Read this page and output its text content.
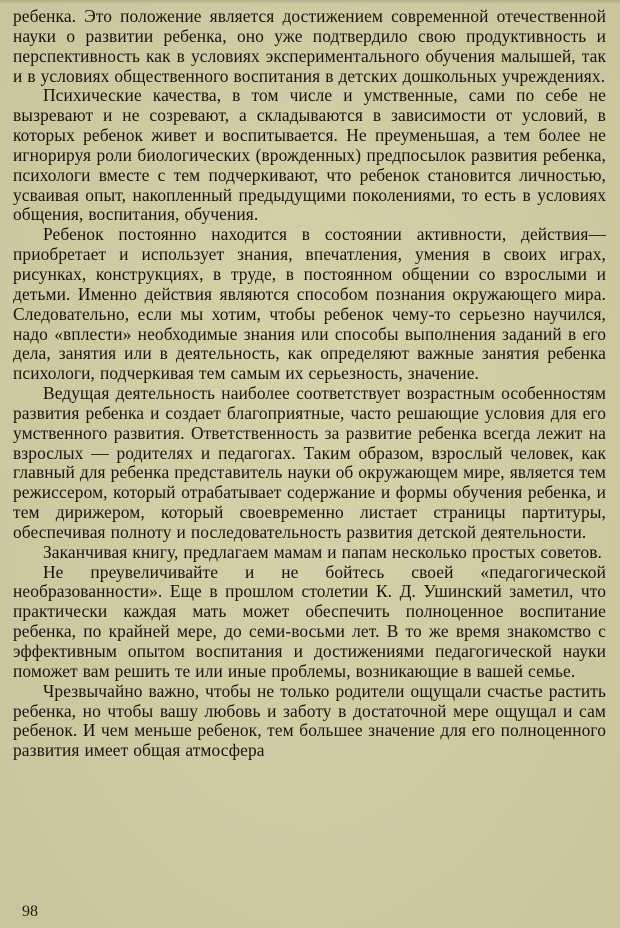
ребенка. Это положение является достижением современной отечественной науки о развитии ребенка, оно уже подтвердило свою продуктивность и перспективность как в условиях экспериментального обучения малышей, так и в условиях общественного воспитания в детских дошкольных учреждениях.

Психические качества, в том числе и умственные, сами по себе не вызревают и не созревают, а складываются в зависимости от условий, в которых ребенок живет и воспитывается. Не преуменьшая, а тем более не игнорируя роли биологических (врожденных) предпосылок развития ребенка, психологи вместе с тем подчеркивают, что ребенок становится личностью, усваивая опыт, накопленный предыдущими поколениями, то есть в условиях общения, воспитания, обучения.

Ребенок постоянно находится в состоянии активности, действия— приобретает и использует знания, впечатления, умения в своих играх, рисунках, конструкциях, в труде, в постоянном общении со взрослыми и детьми. Именно действия являются способом познания окружающего мира. Следовательно, если мы хотим, чтобы ребенок чему-то серьезно научился, надо «вплести» необходимые знания или способы выполнения заданий в его дела, занятия или в деятельность, как определяют важные занятия ребенка психологи, подчеркивая тем самым их серьезность, значение.

Ведущая деятельность наиболее соответствует возрастным особенностям развития ребенка и создает благоприятные, часто решающие условия для его умственного развития. Ответственность за развитие ребенка всегда лежит на взрослых — родителях и педагогах. Таким образом, взрослый человек, как главный для ребенка представитель науки об окружающем мире, является тем режиссером, который отрабатывает содержание и формы обучения ребенка, и тем дирижером, который своевременно листает страницы партитуры, обеспечивая полноту и последовательность развития детской деятельности.

Заканчивая книгу, предлагаем мамам и папам несколько простых советов.

Не преувеличивайте и не бойтесь своей «педагогической необразованности». Еще в прошлом столетии К. Д. Ушинский заметил, что практически каждая мать может обеспечить полноценное воспитание ребенка, по крайней мере, до семи-восьми лет. В то же время знакомство с эффективным опытом воспитания и достижениями педагогической науки поможет вам решить те или иные проблемы, возникающие в вашей семье.

Чрезвычайно важно, чтобы не только родители ощущали счастье растить ребенка, но чтобы вашу любовь и заботу в достаточной мере ощущал и сам ребенок. И чем меньше ребенок, тем большее значение для его полноценного развития имеет общая атмосфера

98
